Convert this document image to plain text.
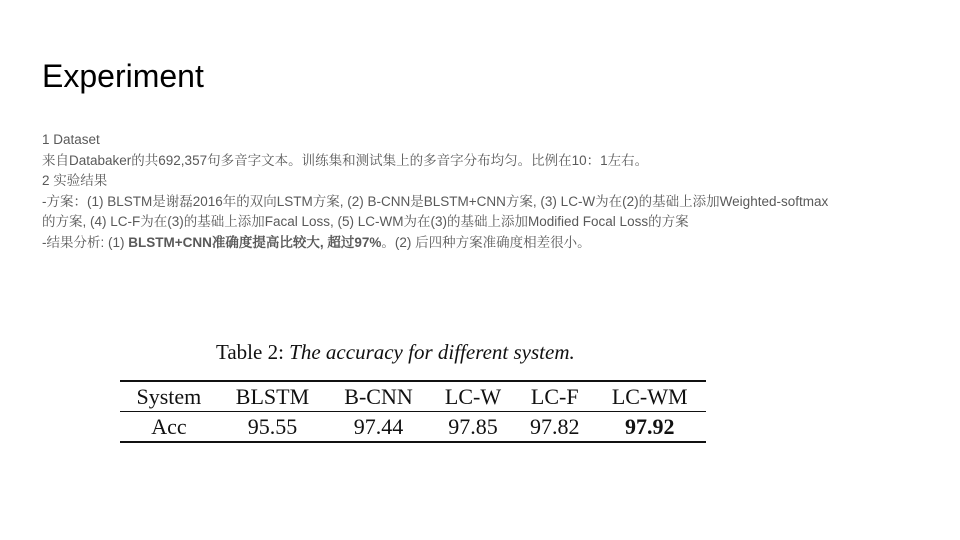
Experiment
1 Dataset
来自Databaker的共692,357句多音字文本。训练集和测试集上的多音字分布均匀。比例在10：1左右。
2 实验结果
-方案：(1) BLSTM是谢磊2016年的双向LSTM方案, (2) B-CNN是BLSTM+CNN方案, (3) LC-W为在(2)的基础上添加Weighted-softmax
的方案, (4) LC-F为在(3)的基础上添加Facal Loss, (5) LC-WM为在(3)的基础上添加Modified Focal Loss的方案
-结果分析: (1) BLSTM+CNN准确度提高比较大, 超过97%。(2) 后四种方案准确度相差很小。
Table 2: The accuracy for different system.
System	BLSTM	B-CNN	LC-W	LC-F	LC-WM
Acc	95.55	97.44	97.85	97.82	97.92
